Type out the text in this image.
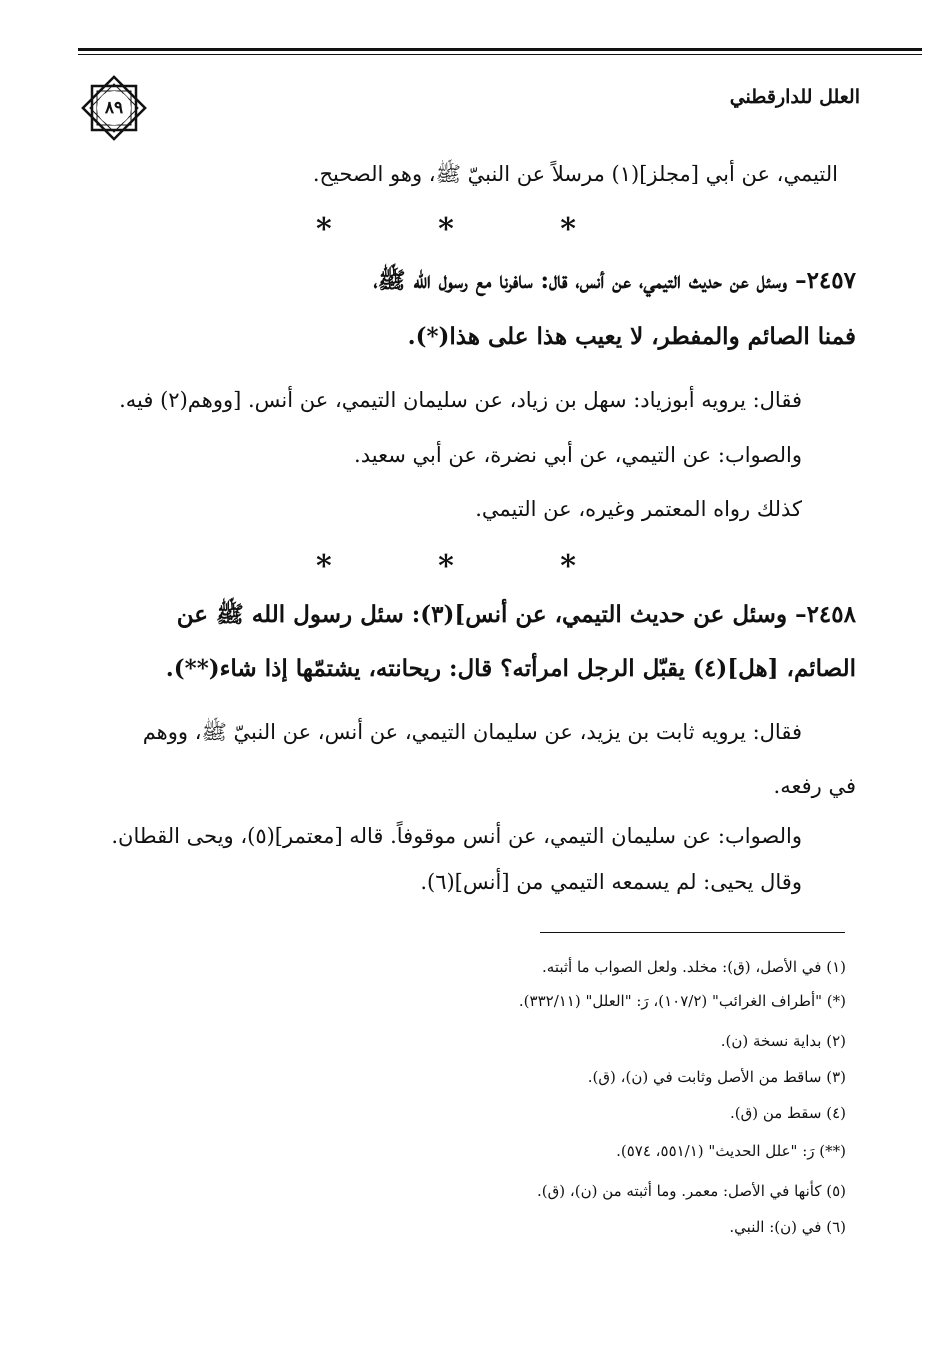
٨٩	العلل للدارقطني
التيمي، عن أبي [مجلز](١) مرسلاً عن النبيّ ﷺ، وهو الصحيح.
* * *
٢٤٥٧– وسئل عن حديث التيمي، عن أنس، قال: سافرنا مع رسول الله ﷺ،
فمنا الصائم والمفطر، لا يعيب هذا على هذا(*).
فقال: يرويه أبوزياد: سهل بن زياد، عن سليمان التيمي، عن أنس. [ووهم(٢) فيه.
والصواب: عن التيمي، عن أبي نضرة، عن أبي سعيد.
كذلك رواه المعتمر وغيره، عن التيمي.
* * *
٢٤٥٨– وسئل عن حديث التيمي، عن أنس](٣): سئل رسول الله ﷺ عن
الصائم، [هل](٤) يقبّل الرجل امرأته؟ قال: ريحانته، يشتمّها إذا شاء(**).
فقال: يرويه ثابت بن يزيد، عن سليمان التيمي، عن أنس، عن النبيّ ﷺ، ووهم
في رفعه.
والصواب: عن سليمان التيمي، عن أنس موقوفاً. قاله [معتمر](٥)، ويحى القطان.
وقال يحيى: لم يسمعه التيمي من [أنس](٦).
(١) في الأصل، (ق): مخلد. ولعل الصواب ما أثبته.
(*) "أطراف الغرائب" (١٠٧/٢)، رَ: "العلل" (٣٣٢/١١).
(٢) بداية نسخة (ن).
(٣) ساقط من الأصل وثابت في (ن)، (ق).
(٤) سقط من (ق).
(**) رَ: "علل الحديث" (٥٥١/١، ٥٧٤).
(٥) كأنها في الأصل: معمر. وما أثبته من (ن)، (ق).
(٦) في (ن): النبي.
